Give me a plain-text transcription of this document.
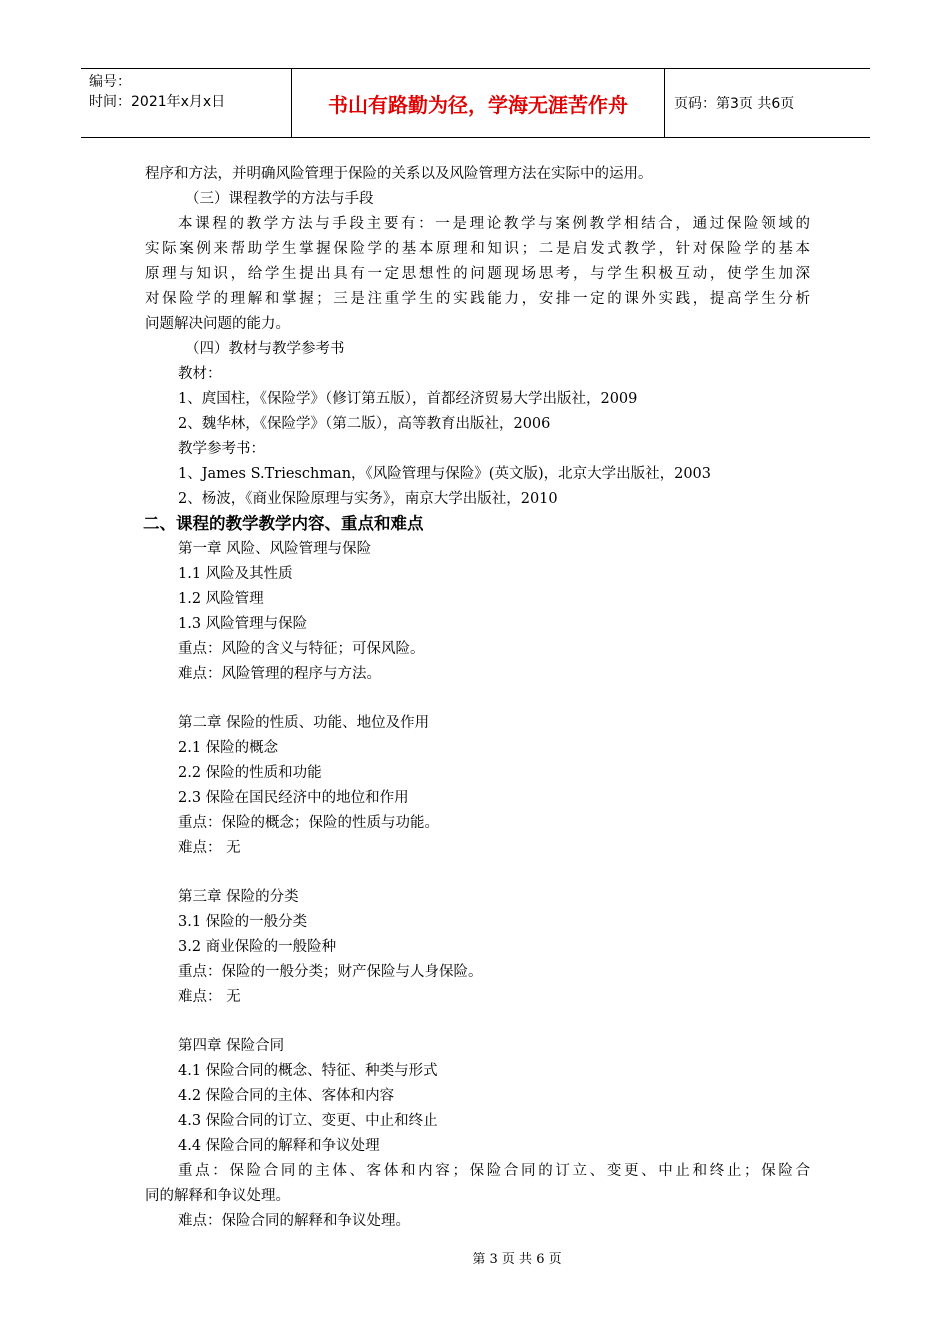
编号：
时间：2021年x月x日	书山有路勤为径，学海无涯苦作舟	页码：第3页 共6页
程序和方法，并明确风险管理于保险的关系以及风险管理方法在实际中的运用。
（三）课程教学的方法与手段
本课程的教学方法与手段主要有：一是理论教学与案例教学相结合，通过保险领域的
实际案例来帮助学生掌握保险学的基本原理和知识；二是启发式教学，针对保险学的基本
原理与知识，给学生提出具有一定思想性的问题现场思考，与学生积极互动，使学生加深
对保险学的理解和掌握；三是注重学生的实践能力，安排一定的课外实践，提高学生分析
问题解决问题的能力。
（四）教材与教学参考书
教材：
1、庹国柱，《保险学》（修订第五版），首都经济贸易大学出版社，2009
2、魏华林，《保险学》（第二版），高等教育出版社，2006
教学参考书：
1、James S.Trieschman，《风险管理与保险》(英文版)，北京大学出版社，2003
2、杨波，《商业保险原理与实务》，南京大学出版社，2010
二、课程的教学教学内容、重点和难点
第一章 风险、风险管理与保险
1.1 风险及其性质
1.2 风险管理
1.3 风险管理与保险
重点：风险的含义与特征；可保风险。
难点：风险管理的程序与方法。
第二章 保险的性质、功能、地位及作用
2.1 保险的概念
2.2 保险的性质和功能
2.3 保险在国民经济中的地位和作用
重点：保险的概念；保险的性质与功能。
难点： 无
第三章 保险的分类
3.1 保险的一般分类
3.2 商业保险的一般险种
重点：保险的一般分类；财产保险与人身保险。
难点： 无
第四章 保险合同
4.1 保险合同的概念、特征、种类与形式
4.2 保险合同的主体、客体和内容
4.3 保险合同的订立、变更、中止和终止
4.4 保险合同的解释和争议处理
重点：保险合同的主体、客体和内容；保险合同的订立、变更、中止和终止；保险合
同的解释和争议处理。
难点：保险合同的解释和争议处理。
第 3 页 共 6 页
